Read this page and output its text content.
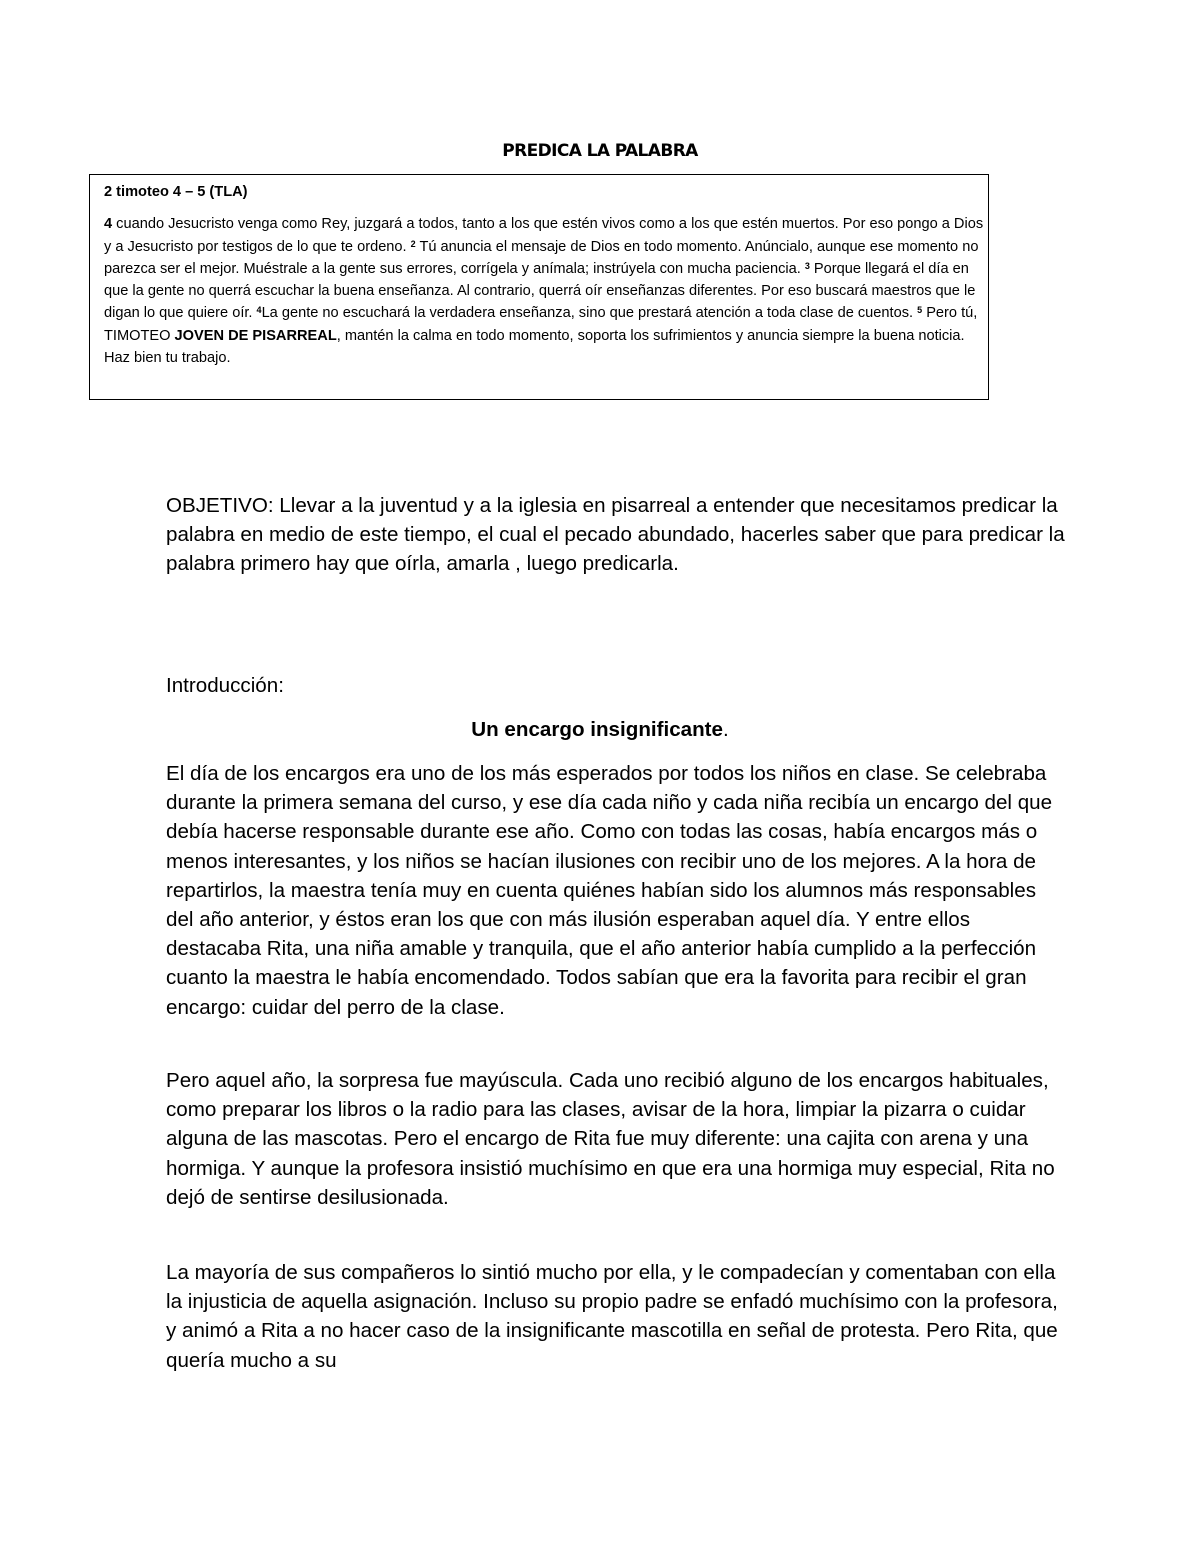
PREDICA LA PALABRA

2 timoteo 4 – 5 (TLA)

4 cuando Jesucristo venga como Rey, juzgará a todos, tanto a los que estén vivos como a los que estén muertos. Por eso pongo a Dios y a Jesucristo por testigos de lo que te ordeno. $^2$ Tú anuncia el mensaje de Dios en todo momento. Anúncialo, aunque ese momento no parezca ser el mejor. Muéstrale a la gente sus errores, corrígela y anímala; instrúyela con mucha paciencia. $^3$ Porque llegará el día en que la gente no querrá escuchar la buena enseñanza. Al contrario, querrá oír enseñanzas diferentes. Por eso buscará maestros que le digan lo que quiere oír. $^4$La gente no escuchará la verdadera enseñanza, sino que prestará atención a toda clase de cuentos. $^5$ Pero tú, TIMOTEO JOVEN DE PISARREAL, mantén la calma en todo momento, soporta los sufrimientos y anuncia siempre la buena noticia. Haz bien tu trabajo.

OBJETIVO: Llevar a la juventud y a la iglesia en pisarreal a entender que necesitamos predicar la palabra en medio de este tiempo, el cual el pecado abundado, hacerles saber que para predicar la palabra primero hay que oírla, amarla , luego predicarla.
Introducción:
Un encargo insignificante.

El día de los encargos era uno de los más esperados por todos los niños en clase. Se celebraba durante la primera semana del curso, y ese día cada niño y cada niña recibía un encargo del que debía hacerse responsable durante ese año. Como con todas las cosas, había encargos más o menos interesantes, y los niños se hacían ilusiones con recibir uno de los mejores. A la hora de repartirlos, la maestra tenía muy en cuenta quiénes habían sido los alumnos más responsables del año anterior, y éstos eran los que con más ilusión esperaban aquel día. Y entre ellos destacaba Rita, una niña amable y tranquila, que el año anterior había cumplido a la perfección cuanto la maestra le había encomendado. Todos sabían que era la favorita para recibir el gran encargo: cuidar del perro de la clase.

Pero aquel año, la sorpresa fue mayúscula. Cada uno recibió alguno de los encargos habituales, como preparar los libros o la radio para las clases, avisar de la hora, limpiar la pizarra o cuidar alguna de las mascotas. Pero el encargo de Rita fue muy diferente: una cajita con arena y una hormiga. Y aunque la profesora insistió muchísimo en que era una hormiga muy especial, Rita no dejó de sentirse desilusionada.

La mayoría de sus compañeros lo sintió mucho por ella, y le compadecían y comentaban con ella la injusticia de aquella asignación. Incluso su propio padre se enfadó muchísimo con la profesora, y animó a Rita a no hacer caso de la insignificante mascotilla en señal de protesta. Pero Rita, que quería mucho a su
